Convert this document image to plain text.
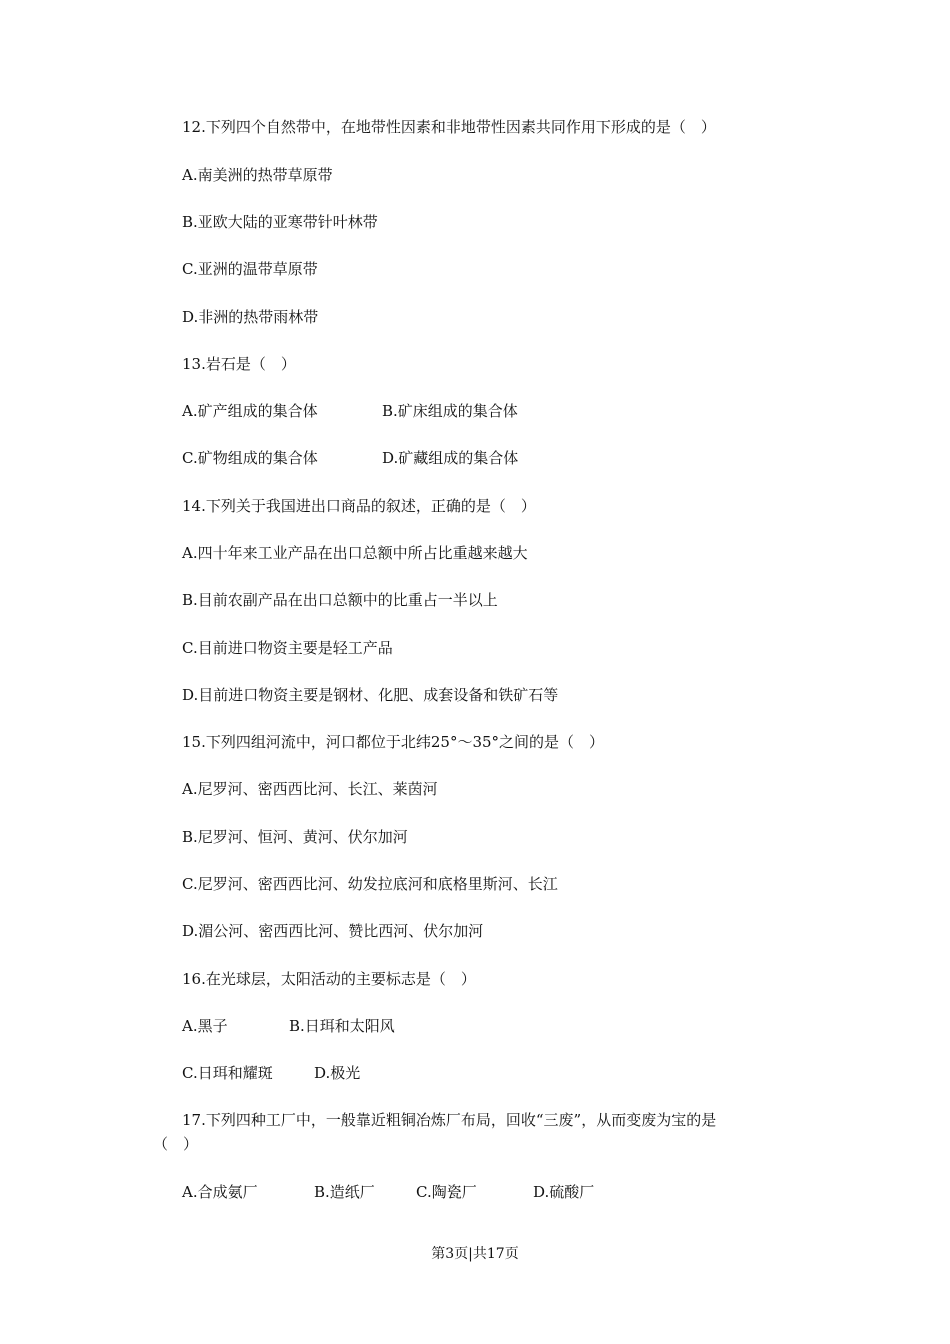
12.下列四个自然带中，在地带性因素和非地带性因素共同作用下形成的是（　）
A.南美洲的热带草原带
B.亚欧大陆的亚寒带针叶林带
C.亚洲的温带草原带
D.非洲的热带雨林带
13.岩石是（　）
A.矿产组成的集合体	B.矿床组成的集合体
C.矿物组成的集合体	D.矿藏组成的集合体
14.下列关于我国进出口商品的叙述，正确的是（　）
A.四十年来工业产品在出口总额中所占比重越来越大
B.目前农副产品在出口总额中的比重占一半以上
C.目前进口物资主要是轻工产品
D.目前进口物资主要是钢材、化肥、成套设备和铁矿石等
15.下列四组河流中，河口都位于北纬25°～35°之间的是（　）
A.尼罗河、密西西比河、长江、莱茵河
B.尼罗河、恒河、黄河、伏尔加河
C.尼罗河、密西西比河、幼发拉底河和底格里斯河、长江
D.湄公河、密西西比河、赞比西河、伏尔加河
16.在光球层，太阳活动的主要标志是（　）
A.黑子	B.日珥和太阳风
C.日珥和耀斑	D.极光
17.下列四种工厂中，一般靠近粗铜冶炼厂布局，回收“三废”，从而变废为宝的是
（　）
A.合成氨厂	B.造纸厂	C.陶瓷厂	D.硫酸厂
第3页|共17页
